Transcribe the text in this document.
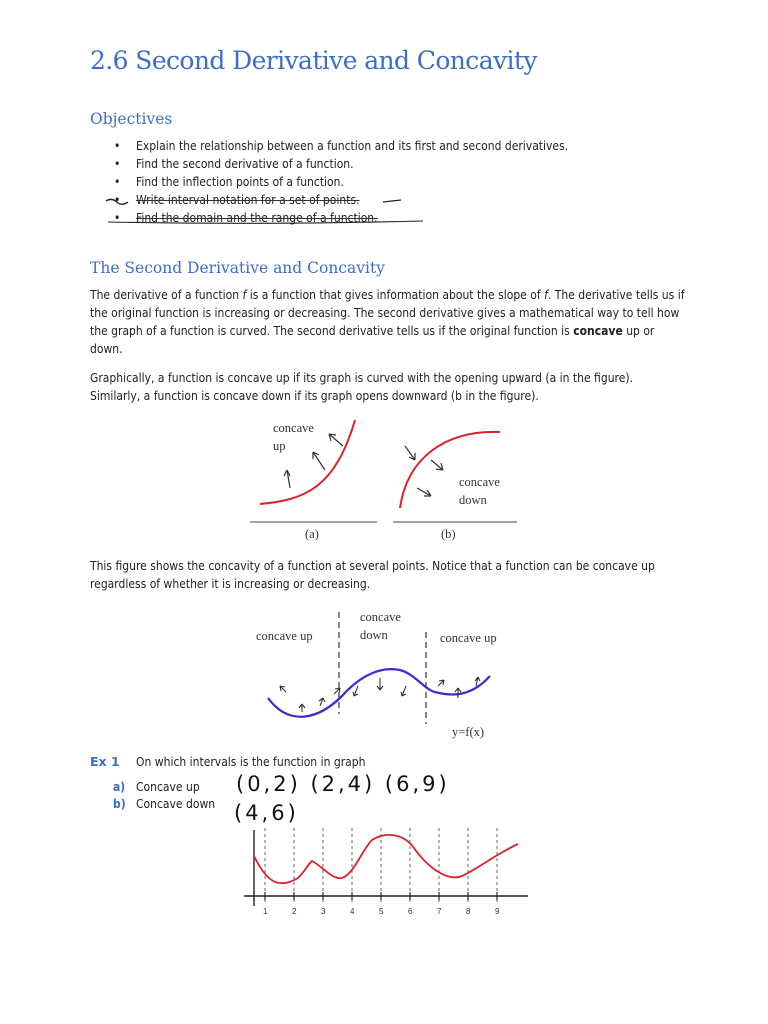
2.6 Second Derivative and Concavity
Objectives
• Explain the relationship between a function and its first and second derivatives.
• Find the second derivative of a function.
• Find the inflection points of a function.
• Write interval notation for a set of points.
• Find the domain and the range of a function.
The Second Derivative and Concavity

The derivative of a function f is a function that gives information about the slope of f. The derivative tells us if the original function is increasing or decreasing. The second derivative gives a mathematical way to tell how the graph of a function is curved. The second derivative tells us if the original function is concave up or down.

Graphically, a function is concave up if its graph is curved with the opening upward (a in the figure). Similarly, a function is concave down if its graph opens downward (b in the figure).

concave
up
(a)
concave
down
(b)

This figure shows the concavity of a function at several points. Notice that a function can be concave up regardless of whether it is increasing or decreasing.

concave up
concave
down	concave up
y=f(x)
Ex 1 On which intervals is the function in graph
a) Concave up
b) Concave down
(0,2) (2,4) (6,9)
(4,6)
1	2	3	4	5	6	7	8	9
